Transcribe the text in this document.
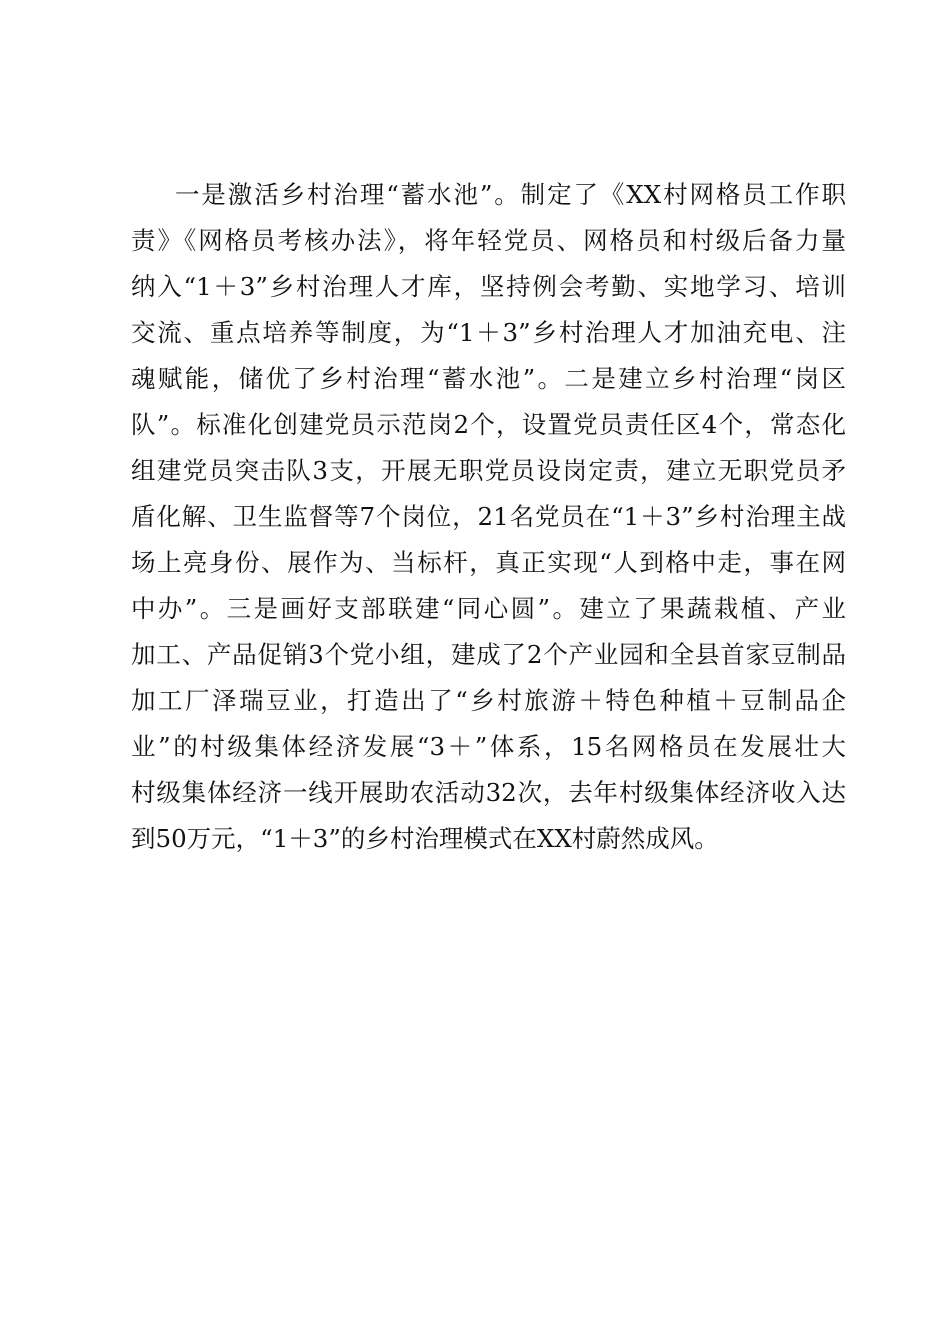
一是激活乡村治理“蓄水池”。制定了《XX村网格员工作职
责》《网格员考核办法》，将年轻党员、网格员和村级后备力量
纳入“1＋3”乡村治理人才库，坚持例会考勤、实地学习、培训
交流、重点培养等制度，为“1＋3”乡村治理人才加油充电、注
魂赋能，储优了乡村治理“蓄水池”。二是建立乡村治理“岗区
队”。标准化创建党员示范岗2个，设置党员责任区4个，常态化
组建党员突击队3支，开展无职党员设岗定责，建立无职党员矛
盾化解、卫生监督等7个岗位，21名党员在“1＋3”乡村治理主战
场上亮身份、展作为、当标杆，真正实现“人到格中走，事在网
中办”。三是画好支部联建“同心圆”。建立了果蔬栽植、产业
加工、产品促销3个党小组，建成了2个产业园和全县首家豆制品
加工厂泽瑞豆业，打造出了“乡村旅游＋特色种植＋豆制品企
业”的村级集体经济发展“3＋”体系，15名网格员在发展壮大
村级集体经济一线开展助农活动32次，去年村级集体经济收入达
到50万元，“1＋3”的乡村治理模式在XX村蔚然成风。
